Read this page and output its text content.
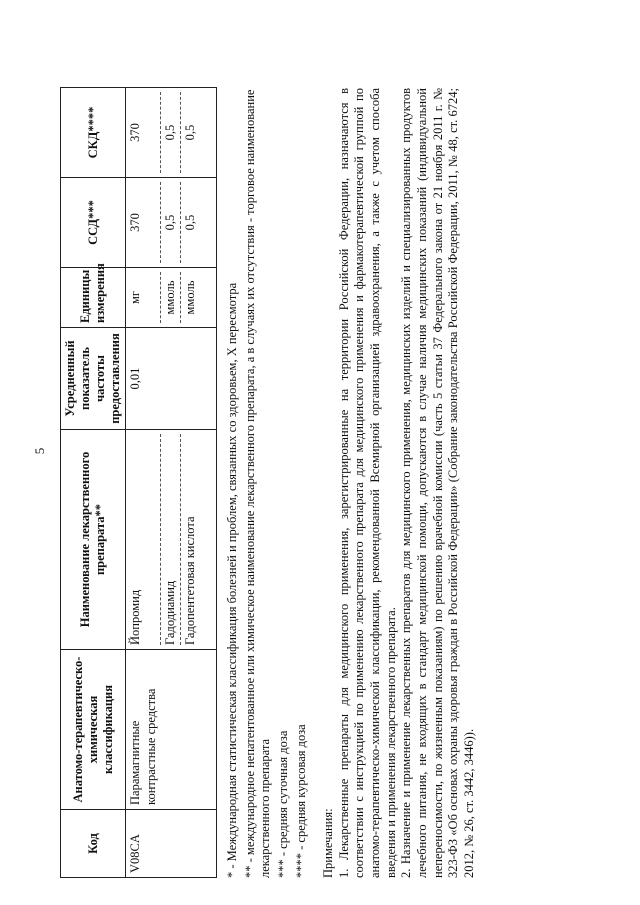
5
Код	Анатомо-терапевтическо-химическая классификация	Наименование лекарственного препарата**	Усредненный показатель частоты предоставления	Единицы измерения	ССД***	СКД****
V08CA	Парамагнитные контрастные средства	Йопромид Гадодиамид Гадопентетовая кислота	0,01	мг ммоль ммоль	370 0,5 0,5	370 0,5 0,5

* - Международная статистическая классификация болезней и проблем, связанных со здоровьем, X пересмотра ** - международное непатентованное или химическое наименование лекарственного препарата, а в случаях их отсутствия - торговое наименование лекарственного препарата *** - средняя суточная доза **** - средняя курсовая доза Примечания: 1. Лекарственные препараты для медицинского применения, зарегистрированные на территории Российской Федерации, назначаются в соответствии с инструкцией по применению лекарственного препарата для медицинского применения и фармакотерапевтической группой по анатомо-терапевтическо-химической классификации, рекомендованной Всемирной организацией здравоохранения, а также с учетом способа введения и применения лекарственного препарата. 2. Назначение и применение лекарственных препаратов для медицинского применения, медицинских изделий и специализированных продуктов лечебного питания, не входящих в стандарт медицинской помощи, допускаются в случае наличия медицинских показаний (индивидуальной непереносимости, по жизненным показаниям) по решению врачебной комиссии (часть 5 статьи 37 Федерального закона от 21 ноября 2011 г. № 323-ФЗ «Об основах охраны здоровья граждан в Российской Федерации» (Собрание законодательства Российской Федерации, 2011, № 48, ст. 6724; 2012, № 26, ст. 3442, 3446)).
